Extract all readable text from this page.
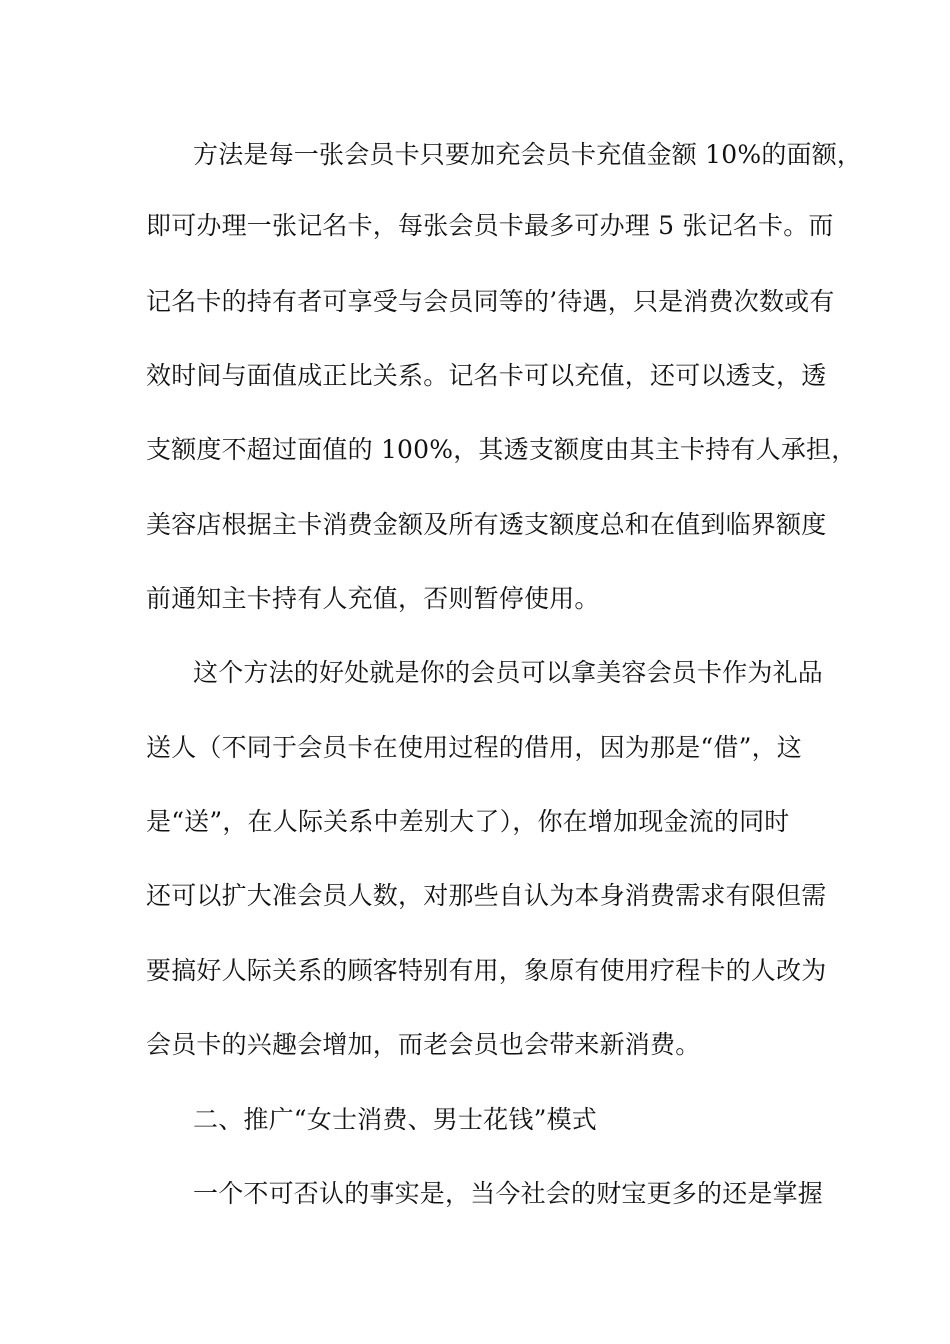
方法是每一张会员卡只要加充会员卡充值金额 10%的面额，
即可办理一张记名卡，每张会员卡最多可办理 5 张记名卡。而
记名卡的持有者可享受与会员同等的’待遇，只是消费次数或有
效时间与面值成正比关系。记名卡可以充值，还可以透支，透
支额度不超过面值的 100%，其透支额度由其主卡持有人承担，
美容店根据主卡消费金额及所有透支额度总和在值到临界额度
前通知主卡持有人充值，否则暂停使用。
这个方法的好处就是你的会员可以拿美容会员卡作为礼品
送人（不同于会员卡在使用过程的借用，因为那是“借”，这
是“送”，在人际关系中差别大了），你在增加现金流的同时
还可以扩大准会员人数，对那些自认为本身消费需求有限但需
要搞好人际关系的顾客特别有用，象原有使用疗程卡的人改为
会员卡的兴趣会增加，而老会员也会带来新消费。
二、推广“女士消费、男士花钱”模式
一个不可否认的事实是，当今社会的财宝更多的还是掌握
